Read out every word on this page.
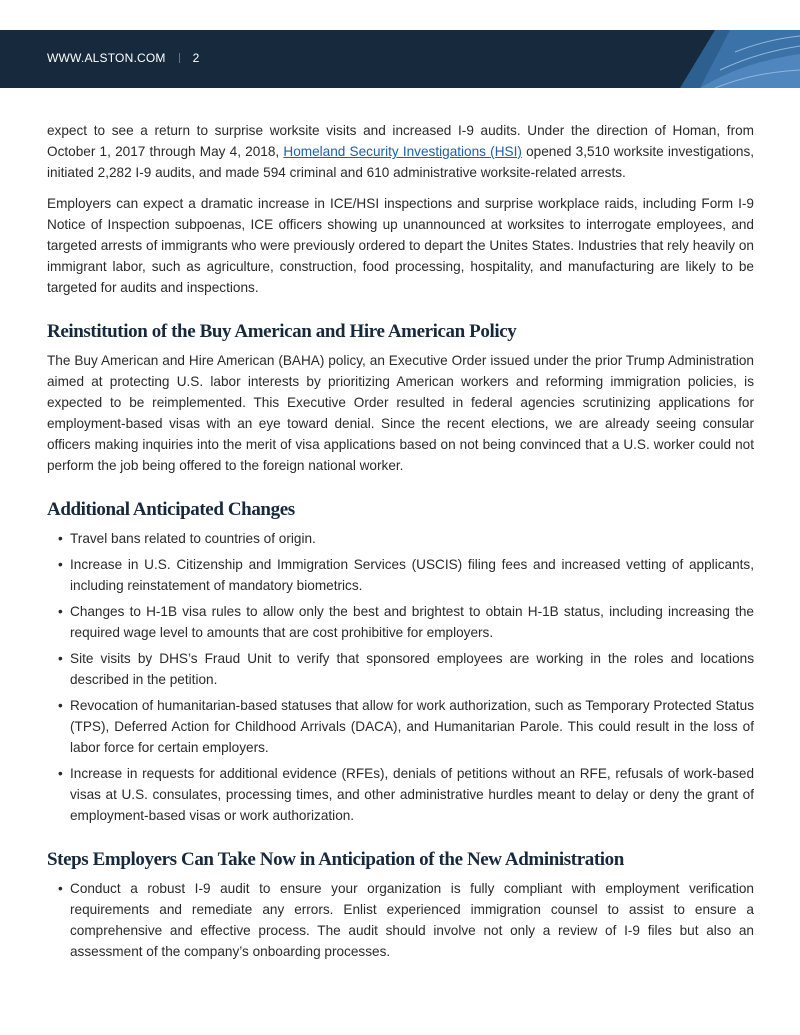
WWW.ALSTON.COM 2

expect to see a return to surprise worksite visits and increased I-9 audits. Under the direction of Homan, from October 1, 2017 through May 4, 2018, Homeland Security Investigations (HSI) opened 3,510 worksite investigations, initiated 2,282 I-9 audits, and made 594 criminal and 610 administrative worksite-related arrests.

Employers can expect a dramatic increase in ICE/HSI inspections and surprise workplace raids, including Form I-9 Notice of Inspection subpoenas, ICE officers showing up unannounced at worksites to interrogate employees, and targeted arrests of immigrants who were previously ordered to depart the Unites States. Industries that rely heavily on immigrant labor, such as agriculture, construction, food processing, hospitality, and manufacturing are likely to be targeted for audits and inspections.

Reinstitution of the Buy American and Hire American Policy

The Buy American and Hire American (BAHA) policy, an Executive Order issued under the prior Trump Administration aimed at protecting U.S. labor interests by prioritizing American workers and reforming immigration policies, is expected to be reimplemented. This Executive Order resulted in federal agencies scrutinizing applications for employment-based visas with an eye toward denial. Since the recent elections, we are already seeing consular officers making inquiries into the merit of visa applications based on not being convinced that a U.S. worker could not perform the job being offered to the foreign national worker.

Additional Anticipated Changes
• Travel bans related to countries of origin.
• Increase in U.S. Citizenship and Immigration Services (USCIS) filing fees and increased vetting of applicants, including reinstatement of mandatory biometrics.
• Changes to H-1B visa rules to allow only the best and brightest to obtain H-1B status, including increasing the required wage level to amounts that are cost prohibitive for employers.
• Site visits by DHS’s Fraud Unit to verify that sponsored employees are working in the roles and locations described in the petition.
• Revocation of humanitarian-based statuses that allow for work authorization, such as Temporary Protected Status (TPS), Deferred Action for Childhood Arrivals (DACA), and Humanitarian Parole. This could result in the loss of labor force for certain employers.
• Increase in requests for additional evidence (RFEs), denials of petitions without an RFE, refusals of work-based visas at U.S. consulates, processing times, and other administrative hurdles meant to delay or deny the grant of employment-based visas or work authorization.
Steps Employers Can Take Now in Anticipation of the New Administration
• Conduct a robust I-9 audit to ensure your organization is fully compliant with employment verification requirements and remediate any errors. Enlist experienced immigration counsel to assist to ensure a comprehensive and effective process. The audit should involve not only a review of I-9 files but also an assessment of the company’s onboarding processes.
